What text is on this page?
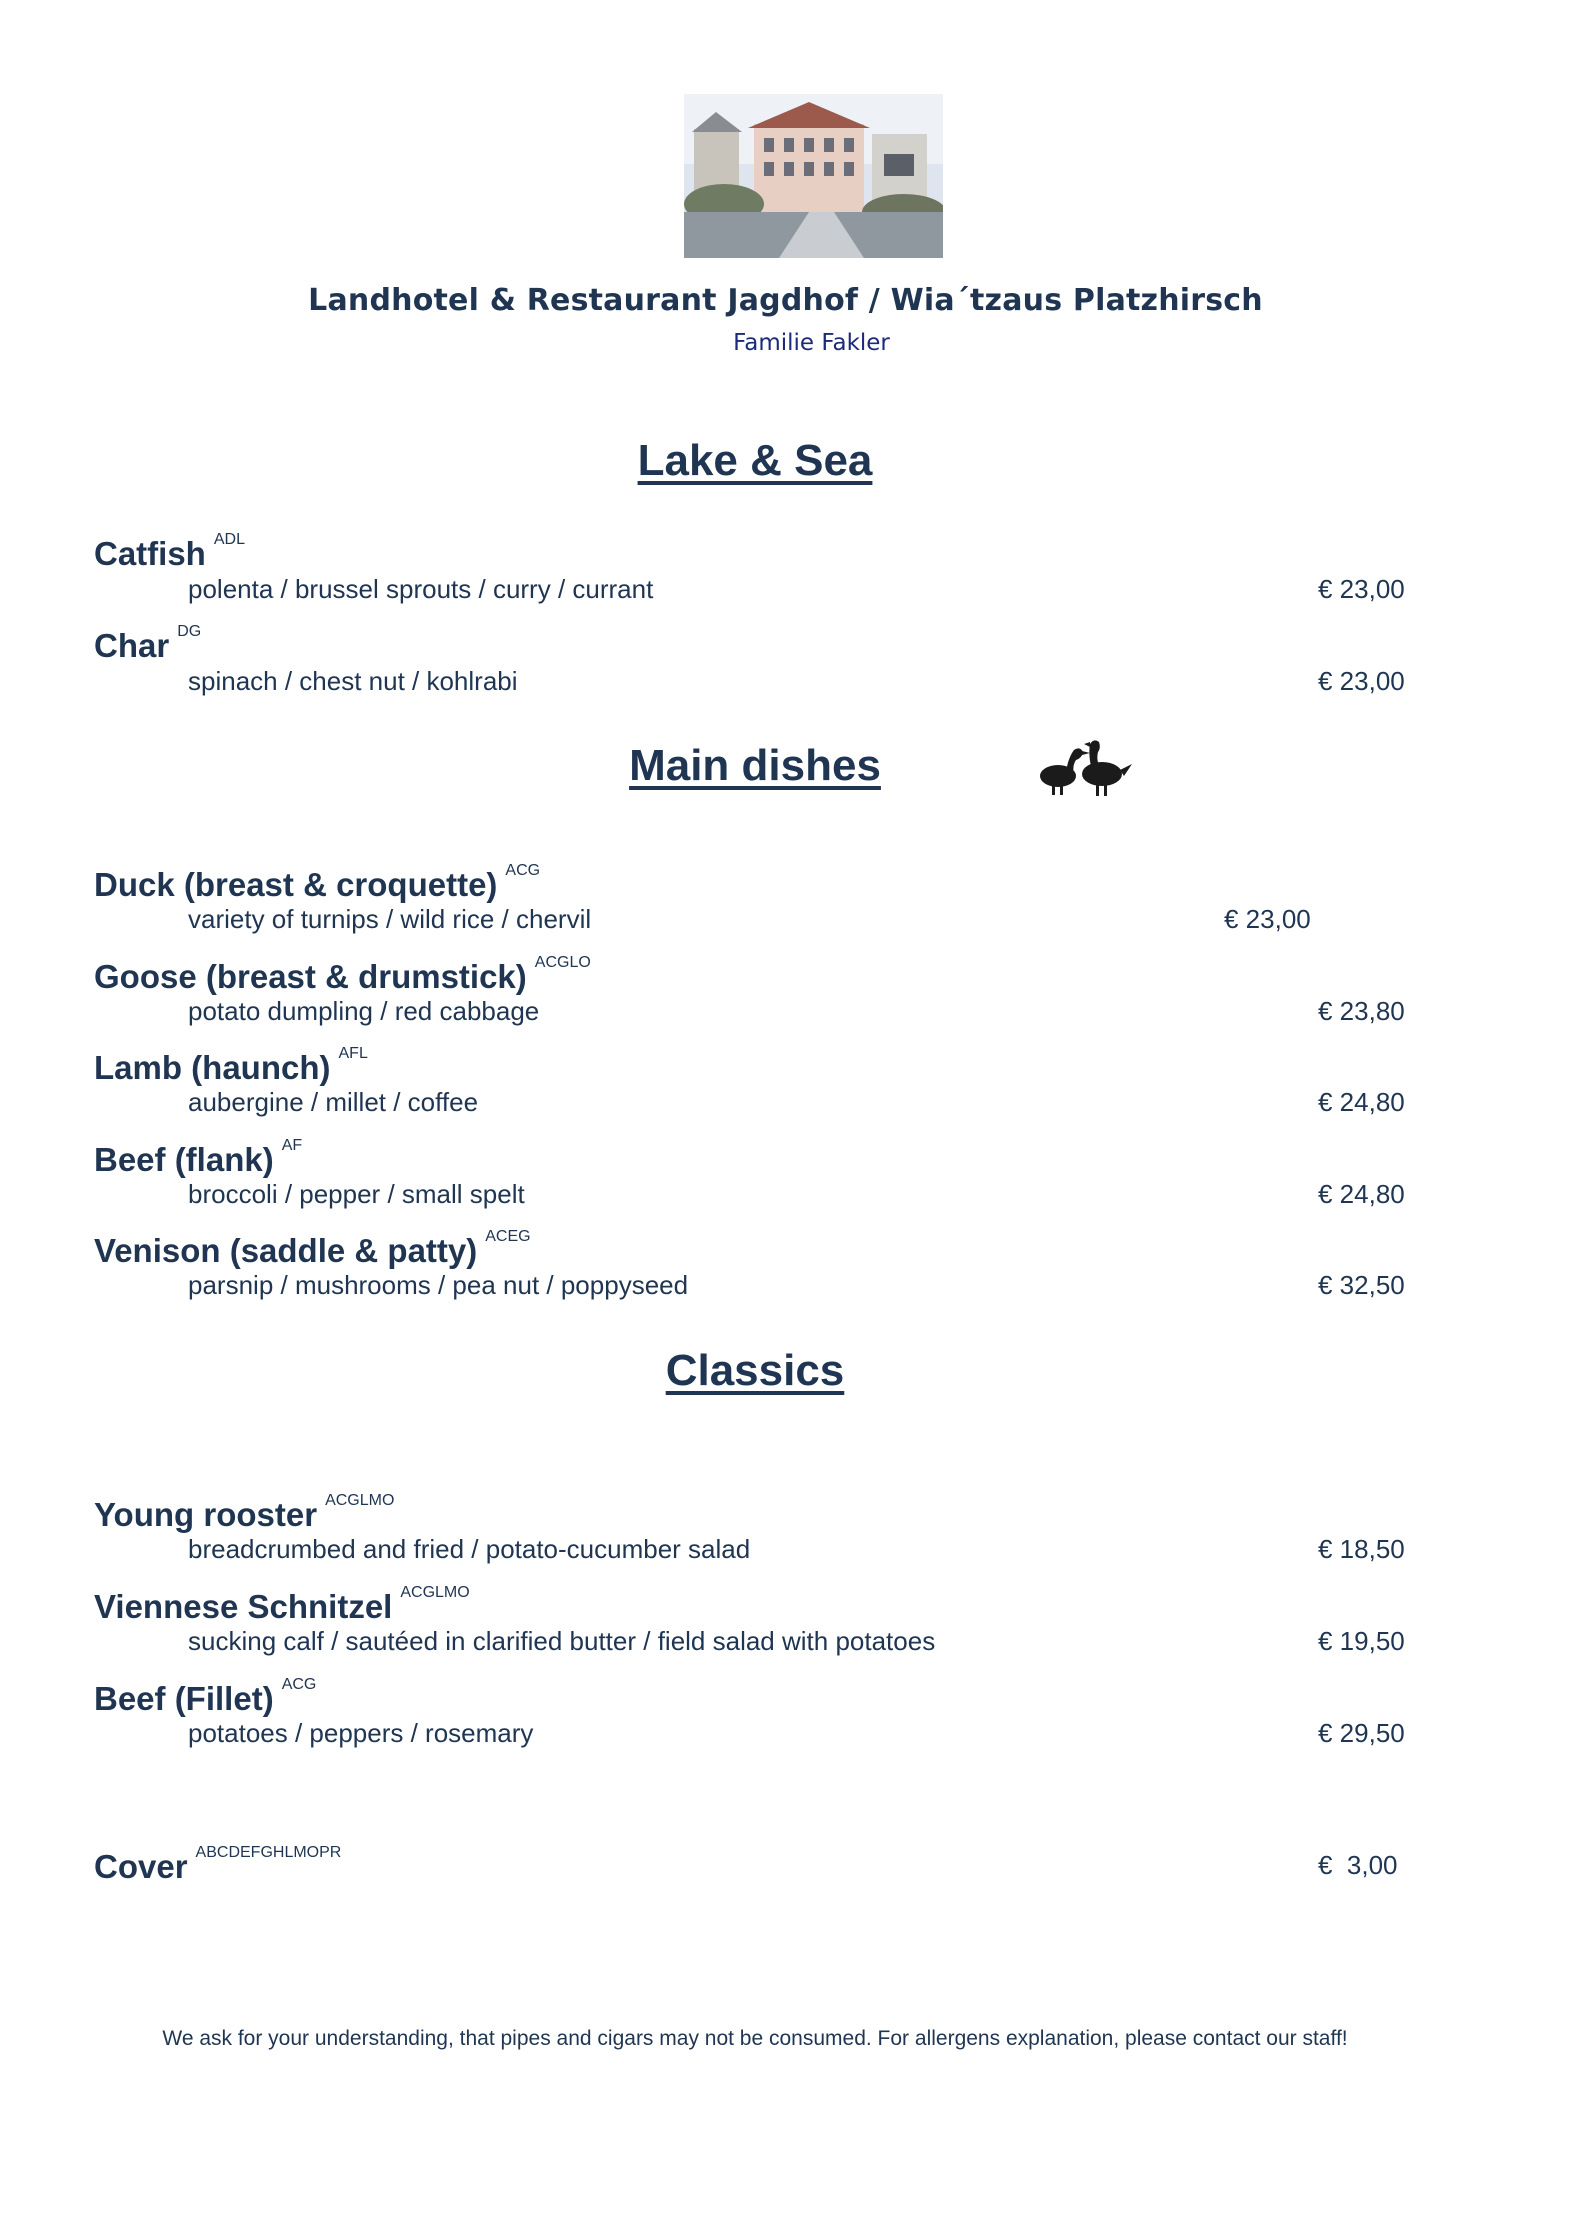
Landhotel & Restaurant Jagdhof / Wia´tzaus Platzhirsch
Familie Fakler
Lake & Sea
Catfish $^{ADL}$
polenta / brussel sprouts / curry / currant	€ 23,00
Char $^{DG}$
spinach / chest nut / kohlrabi	€ 23,00
Main dishes
Duck (breast & croquette) $^{ACG}$
variety of turnips / wild rice / chervil	€ 23,00
Goose (breast & drumstick) $^{ACGLO}$
potato dumpling / red cabbage	€ 23,80
Lamb (haunch) $^{AFL}$
aubergine / millet / coffee	€ 24,80
Beef (flank) $^{AF}$
broccoli / pepper / small spelt	€ 24,80
Venison (saddle & patty) $^{ACEG}$
parsnip / mushrooms / pea nut / poppyseed	€ 32,50
Classics
Young rooster $^{ACGLMO}$
breadcrumbed and fried / potato-cucumber salad	€ 18,50
Viennese Schnitzel $^{ACGLMO}$
sucking calf / sautéed in clarified butter / field salad with potatoes	€ 19,50
Beef (Fillet) $^{ACG}$
potatoes / peppers / rosemary	€ 29,50
Cover $^{ABCDEFGHLMOPR}$	€  3,00
We ask for your understanding, that pipes and cigars may not be consumed. For allergens explanation, please contact our staff!
